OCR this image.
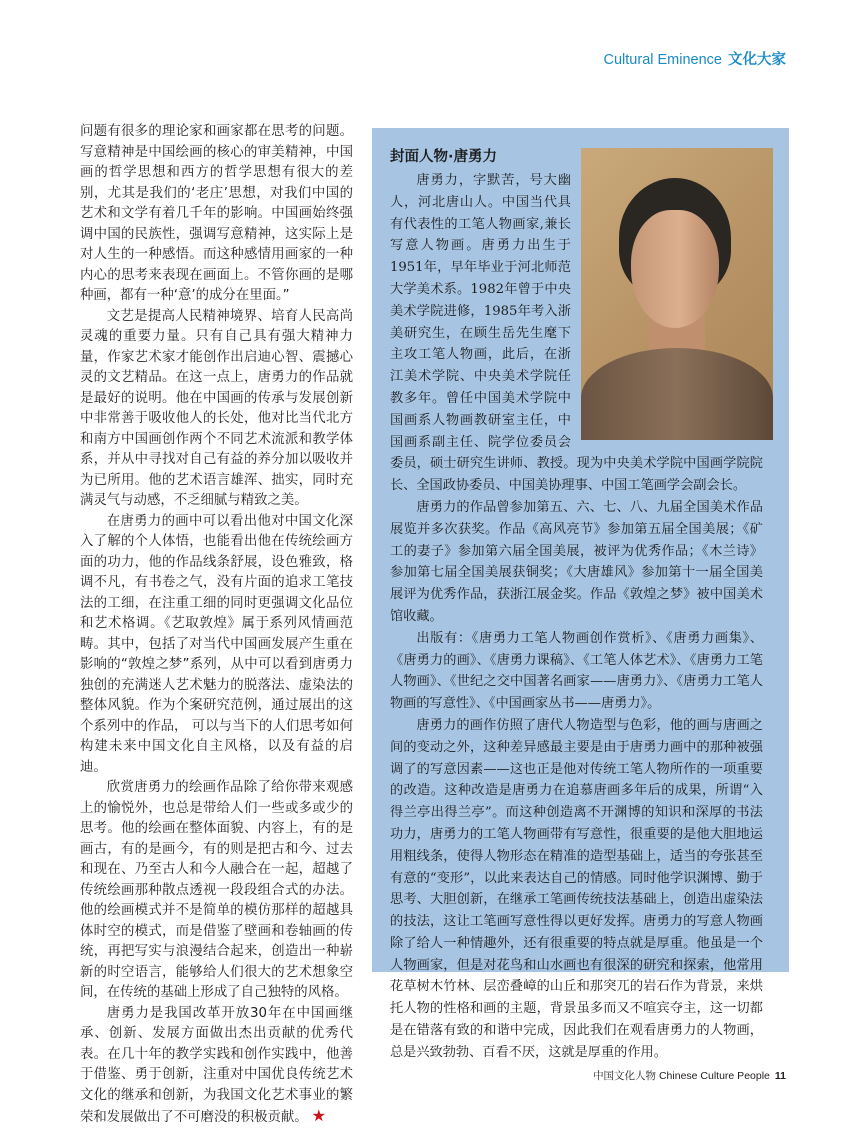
Cultural Eminence 文化大家

问题有很多的理论家和画家都在思考的问题。写意精神是中国绘画的核心的审美精神，中国画的哲学思想和西方的哲学思想有很大的差别，尤其是我们的‘老庄’思想，对我们中国的艺术和文学有着几千年的影响。中国画始终强调中国的民族性，强调写意精神，这实际上是对人生的一种感悟。而这种感情用画家的一种内心的思考来表现在画面上。不管你画的是哪种画，都有一种‘意’的成分在里面。”

文艺是提高人民精神境界、培育人民高尚灵魂的重要力量。只有自己具有强大精神力量，作家艺术家才能创作出启迪心智、震撼心灵的文艺精品。在这一点上，唐勇力的作品就是最好的说明。他在中国画的传承与发展创新中非常善于吸收他人的长处，他对比当代北方和南方中国画创作两个不同艺术流派和教学体系，并从中寻找对自己有益的养分加以吸收并为已所用。他的艺术语言雄浑、拙实，同时充满灵气与动感，不乏细腻与精致之美。

在唐勇力的画中可以看出他对中国文化深入了解的个人体悟，也能看出他在传统绘画方面的功力，他的作品线条舒展，设色雅致，格调不凡，有书卷之气，没有片面的追求工笔技法的工细，在注重工细的同时更强调文化品位和艺术格调。《艺取敦煌》属于系列风情画范畴。其中，包括了对当代中国画发展产生重在影响的“敦煌之梦”系列，从中可以看到唐勇力独创的充满迷人艺术魅力的脱落法、虚染法的整体风貌。作为个案研究范例，通过展出的这个系列中的作品， 可以与当下的人们思考如何构建未来中国文化自主风格，以及有益的启迪。

欣赏唐勇力的绘画作品除了给你带来观感上的愉悦外，也总是带给人们一些或多或少的思考。他的绘画在整体面貌、内容上，有的是画古，有的是画今，有的则是把古和今、过去和现在、乃至古人和今人融合在一起，超越了传统绘画那种散点透视一段段组合式的办法。他的绘画模式并不是简单的模仿那样的超越具体时空的模式，而是借鉴了壁画和卷轴画的传统，再把写实与浪漫结合起来，创造出一种崭新的时空语言，能够给人们很大的艺术想象空间，在传统的基础上形成了自己独特的风格。

唐勇力是我国改革开放30年在中国画继承、创新、发展方面做出杰出贡献的优秀代表。在几十年的教学实践和创作实践中，他善于借鉴、勇于创新，注重对中国优良传统艺术文化的继承和创新，为我国文化艺术事业的繁荣和发展做出了不可磨没的积极贡献。 ★

封面人物·唐勇力

唐勇力，字默苦，号大幽人，河北唐山人。中国当代具有代表性的工笔人物画家,兼长写意人物画。唐勇力出生于1951年，早年毕业于河北师范大学美术系。1982年曾于中央美术学院进修，1985年考入浙美研究生，在顾生岳先生麾下主攻工笔人物画，此后，在浙江美术学院、中央美术学院任教多年。曾任中国美术学院中国画系人物画教研室主任，中国画系副主任、院学位委员会委员，硕士研究生讲师、教授。现为中央美术学院中国画学院院长、全国政协委员、中国美协理事、中国工笔画学会副会长。

唐勇力的作品曾参加第五、六、七、八、九届全国美术作品展览并多次获奖。作品《高风亮节》参加第五届全国美展；《矿工的妻子》参加第六届全国美展，被评为优秀作品；《木兰诗》参加第七届全国美展获铜奖；《大唐雄风》参加第十一届全国美展评为优秀作品，获浙江展金奖。作品《敦煌之梦》被中国美术馆收藏。

出版有：《唐勇力工笔人物画创作赏析》、《唐勇力画集》、《唐勇力的画》、《唐勇力课稿》、《工笔人体艺术》、《唐勇力工笔人物画》、《世纪之交中国著名画家——唐勇力》、《唐勇力工笔人物画的写意性》、《中国画家丛书——唐勇力》。

唐勇力的画作仿照了唐代人物造型与色彩，他的画与唐画之间的变动之外，这种差异感最主要是由于唐勇力画中的那种被强调了的写意因素——这也正是他对传统工笔人物所作的一项重要的改造。这种改造是唐勇力在追慕唐画多年后的成果，所谓“入得兰亭出得兰亭”。而这种创造离不开渊博的知识和深厚的书法功力，唐勇力的工笔人物画带有写意性，很重要的是他大胆地运用粗线条，使得人物形态在精准的造型基础上，适当的夸张甚至有意的“变形”，以此来表达自己的情感。同时他学识渊博、勤于思考、大胆创新，在继承工笔画传统技法基础上，创造出虚染法的技法，这让工笔画写意性得以更好发挥。唐勇力的写意人物画除了给人一种情趣外，还有很重要的特点就是厚重。他虽是一个人物画家，但是对花鸟和山水画也有很深的研究和探索，他常用花草树木竹林、层峦叠嶂的山丘和那突兀的岩石作为背景，来烘托人物的性格和画的主题，背景虽多而又不喧宾夺主，这一切都是在错落有致的和谐中完成，因此我们在观看唐勇力的人物画，总是兴致勃勃、百看不厌，这就是厚重的作用。

中国文化人物 Chinese Culture People 11
